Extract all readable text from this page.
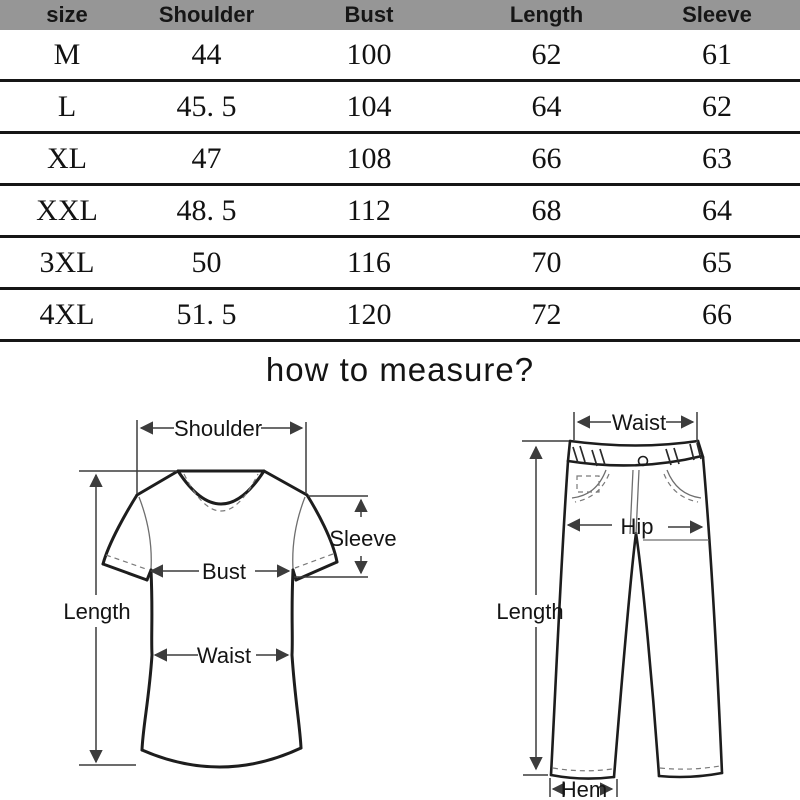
size	Shoulder	Bust	Length	Sleeve
M	44	100	62	61
L	45. 5	104	64	62
XL	47	108	66	63
XXL	48. 5	112	68	64
3XL	50	116	70	65
4XL	51. 5	120	72	66
how to measure?
Shoulder
Length
Sleeve
Bust
Waist
Waist
Hip
Length
Hem
